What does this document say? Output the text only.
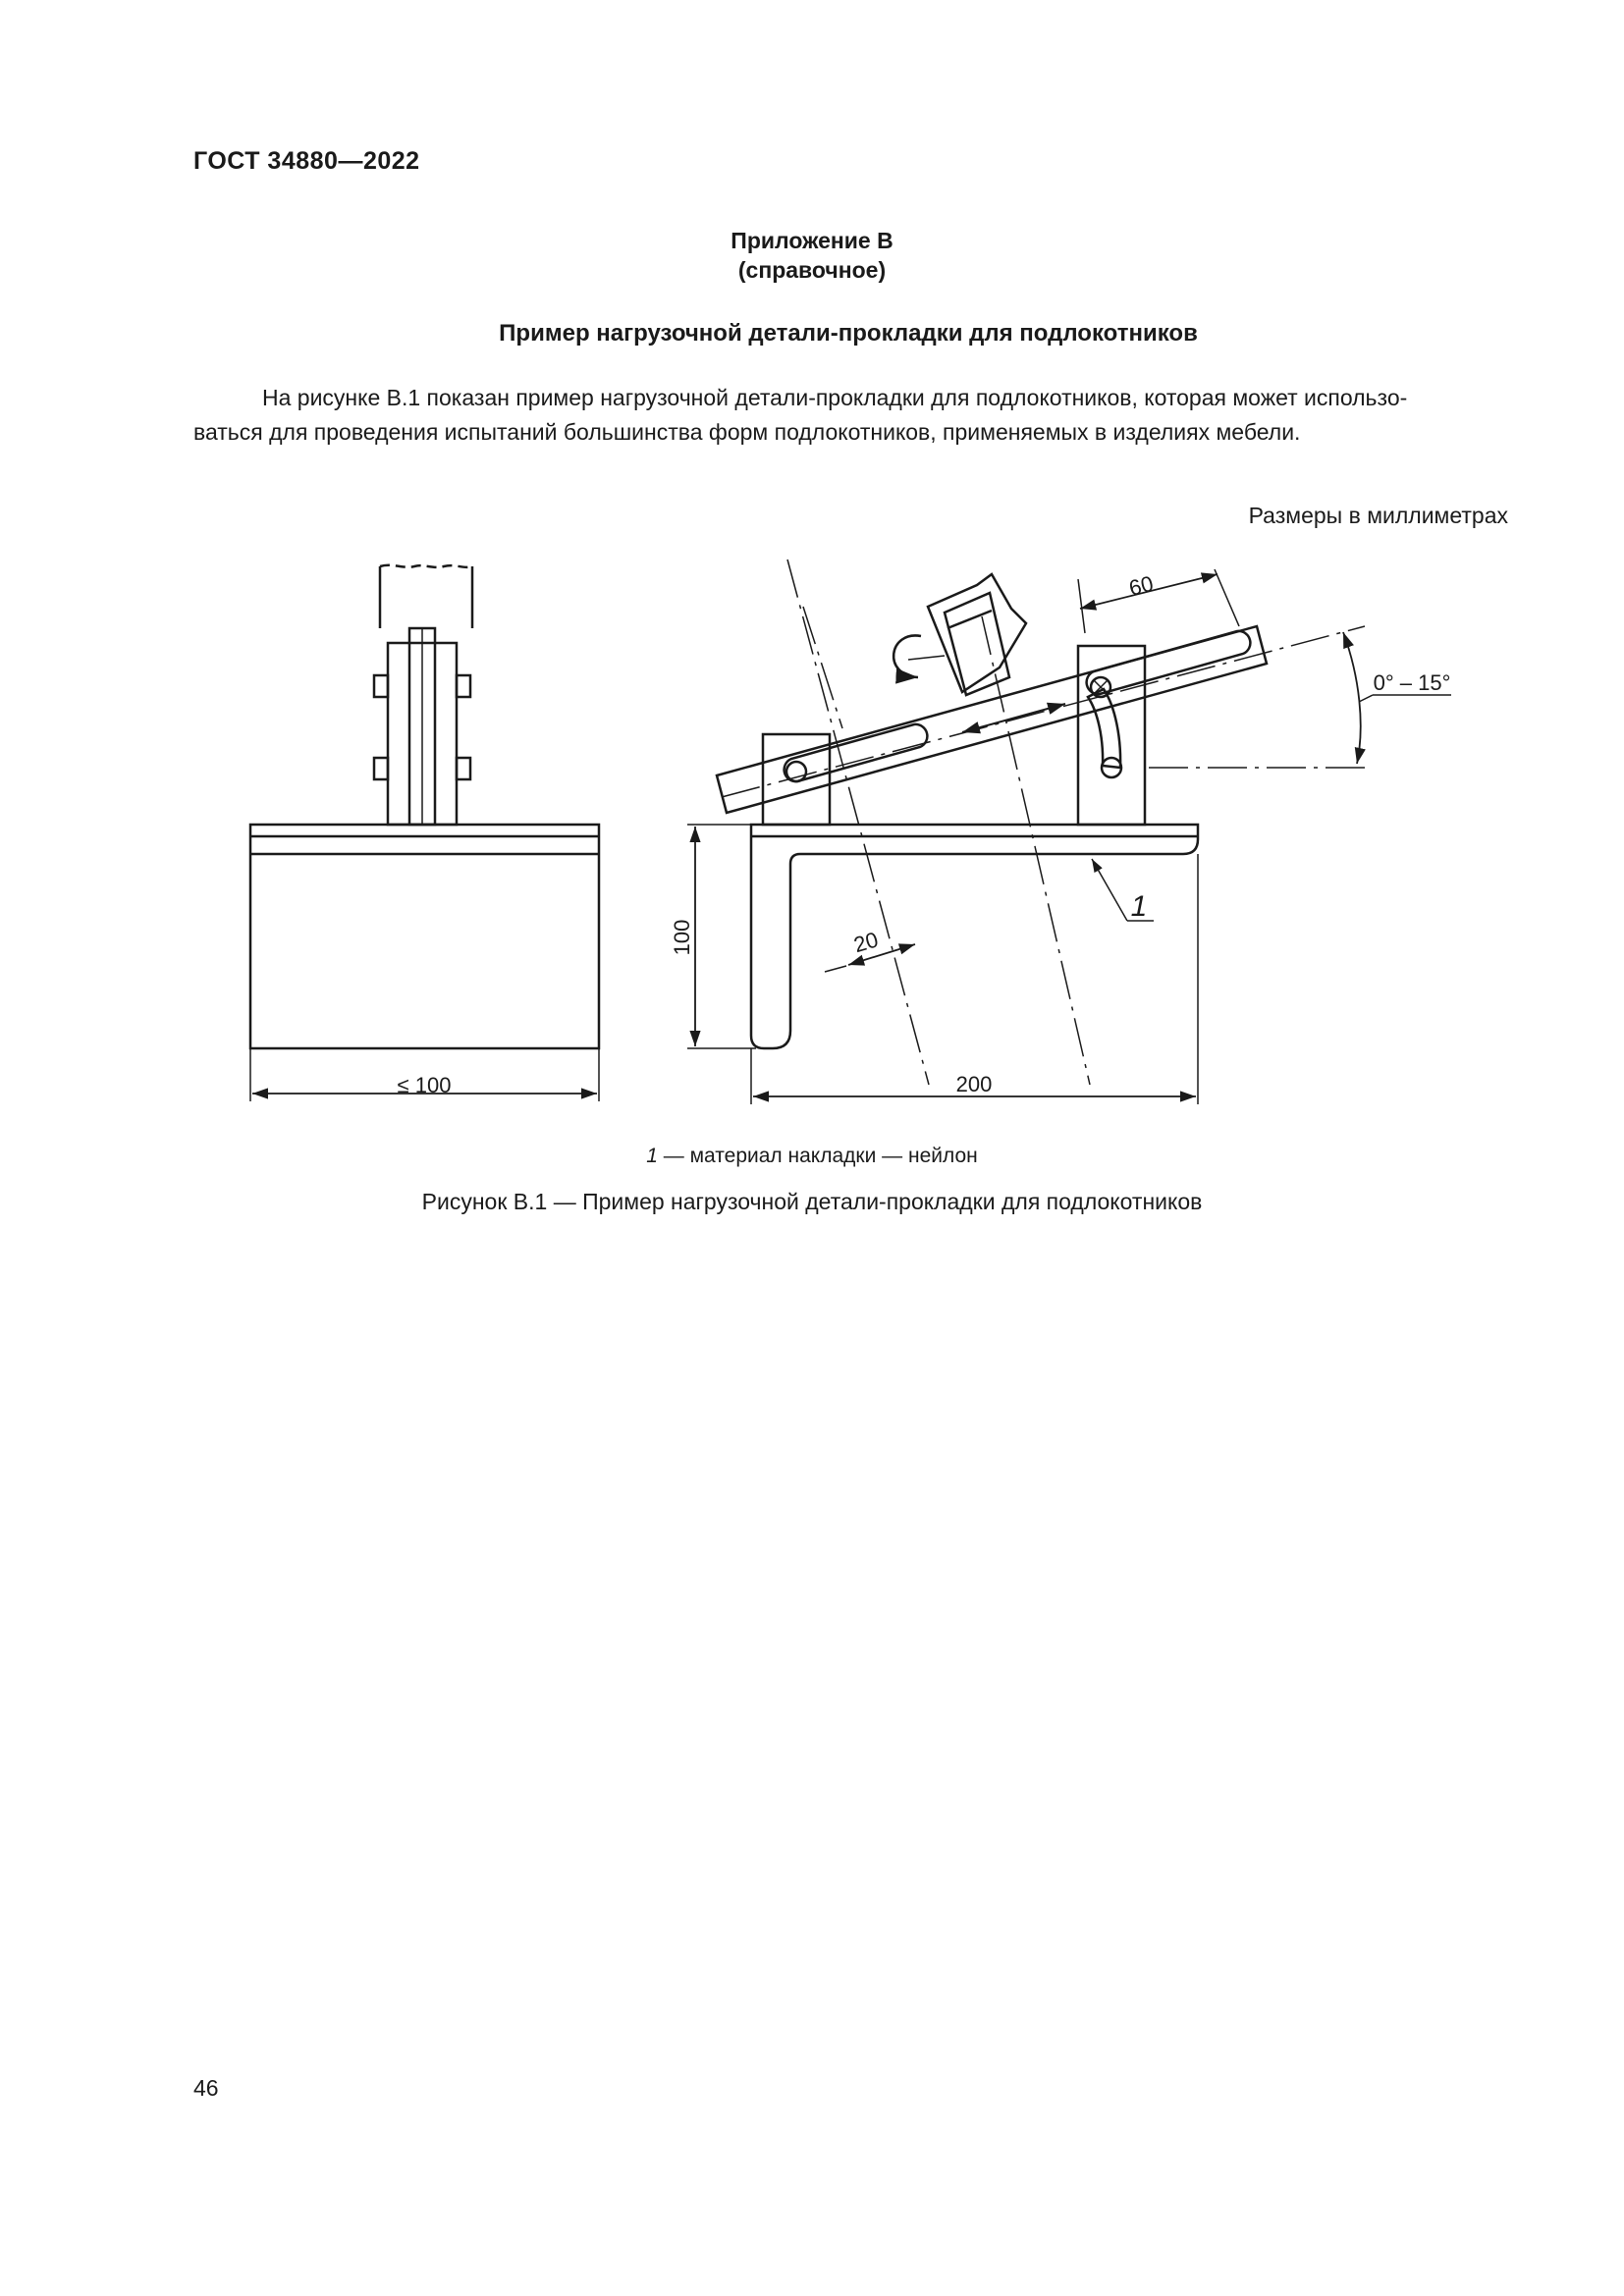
ГОСТ 34880—2022
Приложение В
(справочное)
Пример нагрузочной детали-прокладки для подлокотников
На рисунке В.1 показан пример нагрузочной детали-прокладки для подлокотников, которая может использо-
ваться для проведения испытаний большинства форм подлокотников, применяемых в изделиях мебели.
Размеры в миллиметрах
≤ 100
100
200
60
20
0° – 15°
1
1 — материал накладки — нейлон
Рисунок В.1 — Пример нагрузочной детали-прокладки для подлокотников
46
